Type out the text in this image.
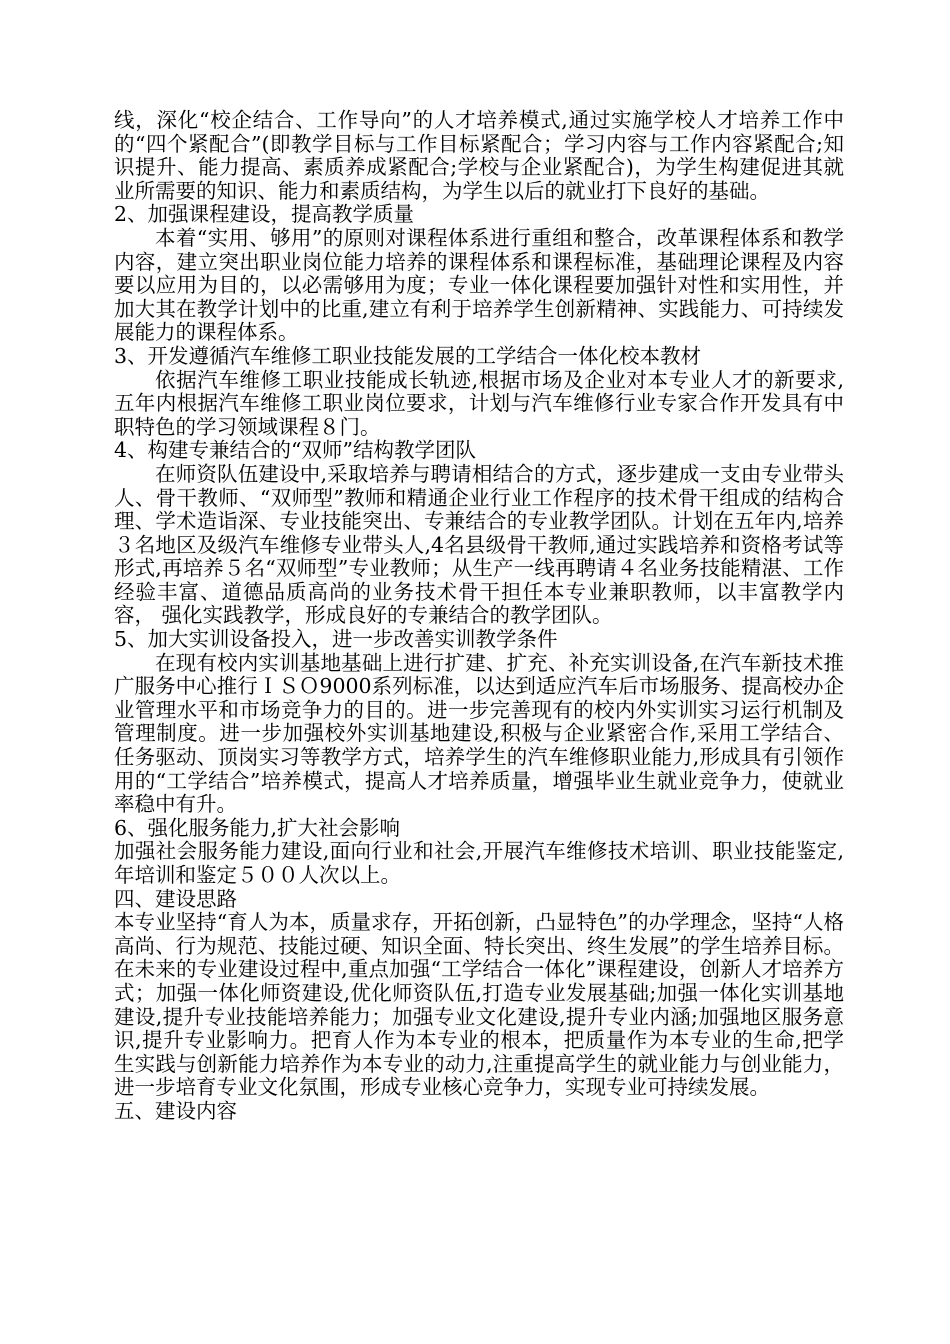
线，深化“校企结合、工作导向”的人才培养模式,通过实施学校人才培养工作中的“四个紧配合”(即教学目标与工作目标紧配合；学习内容与工作内容紧配合;知识提升、能力提高、素质养成紧配合;学校与企业紧配合)，为学生构建促进其就业所需要的知识、能力和素质结构，为学生以后的就业打下良好的基础。

2、加强课程建设，提高教学质量

本着“实用、够用”的原则对课程体系进行重组和整合，改革课程体系和教学内容，建立突出职业岗位能力培养的课程体系和课程标准，基础理论课程及内容要以应用为目的，以必需够用为度；专业一体化课程要加强针对性和实用性，并加大其在教学计划中的比重,建立有利于培养学生创新精神、实践能力、可持续发展能力的课程体系。

3、开发遵循汽车维修工职业技能发展的工学结合一体化校本教材

依据汽车维修工职业技能成长轨迹,根据市场及企业对本专业人才的新要求,五年内根据汽车维修工职业岗位要求，计划与汽车维修行业专家合作开发具有中职特色的学习领域课程８门。

4、构建专兼结合的“双师”结构教学团队

在师资队伍建设中,采取培养与聘请相结合的方式，逐步建成一支由专业带头人、骨干教师、“双师型”教师和精通企业行业工作程序的技术骨干组成的结构合理、学术造诣深、专业技能突出、专兼结合的专业教学团队。计划在五年内,培养３名地区及级汽车维修专业带头人,4名县级骨干教师,通过实践培养和资格考试等形式,再培养５名“双师型”专业教师；从生产一线再聘请４名业务技能精湛、工作经验丰富、道德品质高尚的业务技术骨干担任本专业兼职教师，以丰富教学内容， 强化实践教学，形成良好的专兼结合的教学团队。

5、加大实训设备投入，进一步改善实训教学条件

在现有校内实训基地基础上进行扩建、扩充、补充实训设备,在汽车新技术推广服务中心推行ＩＳＯ9000系列标准，以达到适应汽车后市场服务、提高校办企业管理水平和市场竞争力的目的。进一步完善现有的校内外实训实习运行机制及管理制度。进一步加强校外实训基地建设,积极与企业紧密合作,采用工学结合、任务驱动、顶岗实习等教学方式，培养学生的汽车维修职业能力,形成具有引领作用的“工学结合”培养模式，提高人才培养质量，增强毕业生就业竞争力，使就业率稳中有升。

6、强化服务能力,扩大社会影响

加强社会服务能力建设,面向行业和社会,开展汽车维修技术培训、职业技能鉴定,年培训和鉴定５００人次以上。

四、建设思路

本专业坚持“育人为本，质量求存，开拓创新，凸显特色”的办学理念，坚持“人格高尚、行为规范、技能过硬、知识全面、特长突出、终生发展”的学生培养目标。在未来的专业建设过程中,重点加强“工学结合一体化”课程建设，创新人才培养方式；加强一体化师资建设,优化师资队伍,打造专业发展基础;加强一体化实训基地建设,提升专业技能培养能力；加强专业文化建设,提升专业内涵;加强地区服务意识,提升专业影响力。把育人作为本专业的根本，把质量作为本专业的生命,把学生实践与创新能力培养作为本专业的动力,注重提高学生的就业能力与创业能力，进一步培育专业文化氛围，形成专业核心竞争力，实现专业可持续发展。

五、建设内容
